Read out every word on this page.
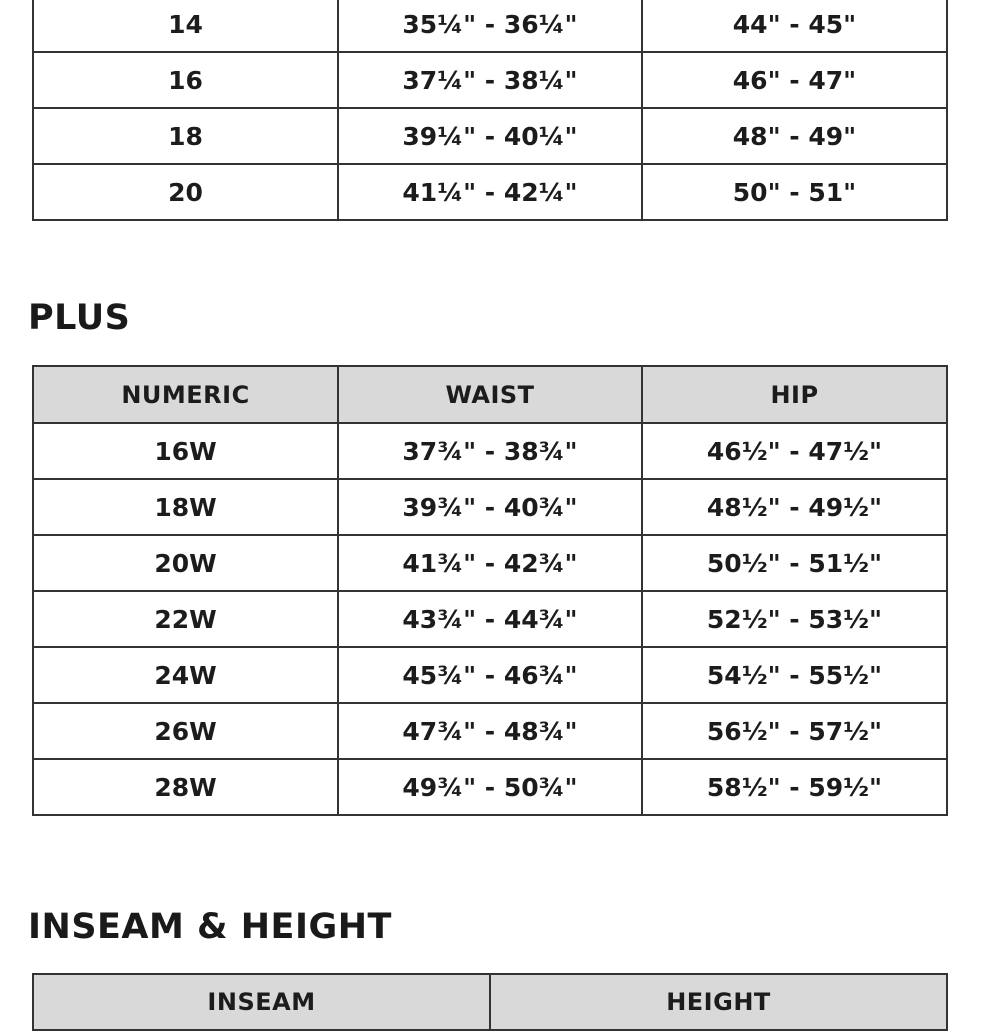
14	35¼" - 36¼"	44" - 45"
16	37¼" - 38¼"	46" - 47"
18	39¼" - 40¼"	48" - 49"
20	41¼" - 42¼"	50" - 51"
PLUS
NUMERIC	WAIST	HIP
16W	37¾" - 38¾"	46½" - 47½"
18W	39¾" - 40¾"	48½" - 49½"
20W	41¾" - 42¾"	50½" - 51½"
22W	43¾" - 44¾"	52½" - 53½"
24W	45¾" - 46¾"	54½" - 55½"
26W	47¾" - 48¾"	56½" - 57½"
28W	49¾" - 50¾"	58½" - 59½"
INSEAM & HEIGHT
INSEAM	HEIGHT
